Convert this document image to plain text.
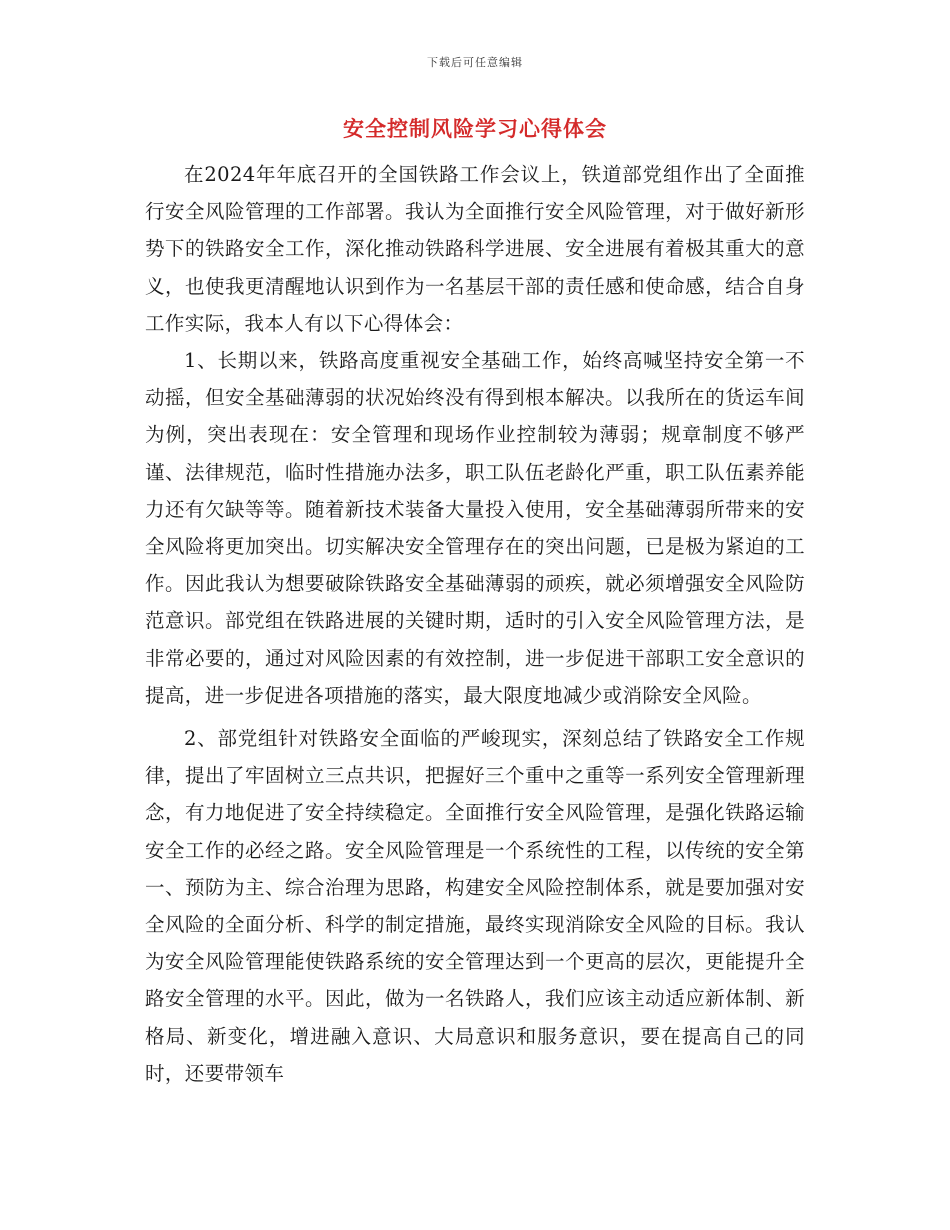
下载后可任意编辑
安全控制风险学习心得体会

在2024年年底召开的全国铁路工作会议上，铁道部党组作出了全面推行安全风险管理的工作部署。我认为全面推行安全风险管理，对于做好新形势下的铁路安全工作，深化推动铁路科学进展、安全进展有着极其重大的意义，也使我更清醒地认识到作为一名基层干部的责任感和使命感，结合自身工作实际，我本人有以下心得体会：

1、长期以来，铁路高度重视安全基础工作，始终高喊坚持安全第一不动摇，但安全基础薄弱的状况始终没有得到根本解决。以我所在的货运车间为例，突出表现在：安全管理和现场作业控制较为薄弱；规章制度不够严谨、法律规范，临时性措施办法多，职工队伍老龄化严重，职工队伍素养能力还有欠缺等等。随着新技术装备大量投入使用，安全基础薄弱所带来的安全风险将更加突出。切实解决安全管理存在的突出问题，已是极为紧迫的工作。因此我认为想要破除铁路安全基础薄弱的顽疾，就必须增强安全风险防范意识。部党组在铁路进展的关键时期，适时的引入安全风险管理方法，是非常必要的，通过对风险因素的有效控制，进一步促进干部职工安全意识的提高，进一步促进各项措施的落实，最大限度地减少或消除安全风险。

2、部党组针对铁路安全面临的严峻现实，深刻总结了铁路安全工作规律，提出了牢固树立三点共识，把握好三个重中之重等一系列安全管理新理念，有力地促进了安全持续稳定。全面推行安全风险管理，是强化铁路运输安全工作的必经之路。安全风险管理是一个系统性的工程，以传统的安全第一、预防为主、综合治理为思路，构建安全风险控制体系，就是要加强对安全风险的全面分析、科学的制定措施，最终实现消除安全风险的目标。我认为安全风险管理能使铁路系统的安全管理达到一个更高的层次，更能提升全路安全管理的水平。因此，做为一名铁路人，我们应该主动适应新体制、新格局、新变化，增进融入意识、大局意识和服务意识，要在提高自己的同时，还要带领车
